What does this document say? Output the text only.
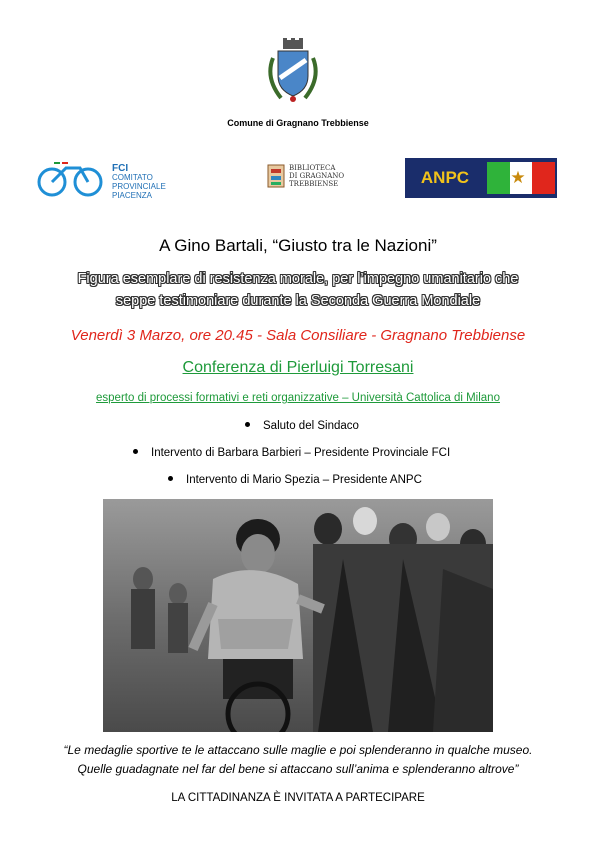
Comune di Gragnano Trebbiense
FCI
COMITATO
PROVINCIALE
PIACENZA
BIBLIOTECA
DI GRAGNANO
TREBBIENSE	ANPC	★
A Gino Bartali, “Giusto tra le Nazioni”
Figura esemplare di resistenza morale, per l’impegno umanitario che
seppe testimoniare durante la Seconda Guerra Mondiale
Venerdì 3 Marzo, ore 20.45 - Sala Consiliare - Gragnano Trebbiense
Conferenza di Pierluigi Torresani
esperto di processi formativi e reti organizzative – Università Cattolica di Milano
Saluto del Sindaco
Intervento di Barbara Barbieri – Presidente Provinciale FCI
Intervento di Mario Spezia – Presidente ANPC
“Le medaglie sportive te le attaccano sulle maglie e poi splenderanno in qualche museo.
Quelle guadagnate nel far del bene si attaccano sull’anima e splenderanno altrove”
LA CITTADINANZA È INVITATA A PARTECIPARE
